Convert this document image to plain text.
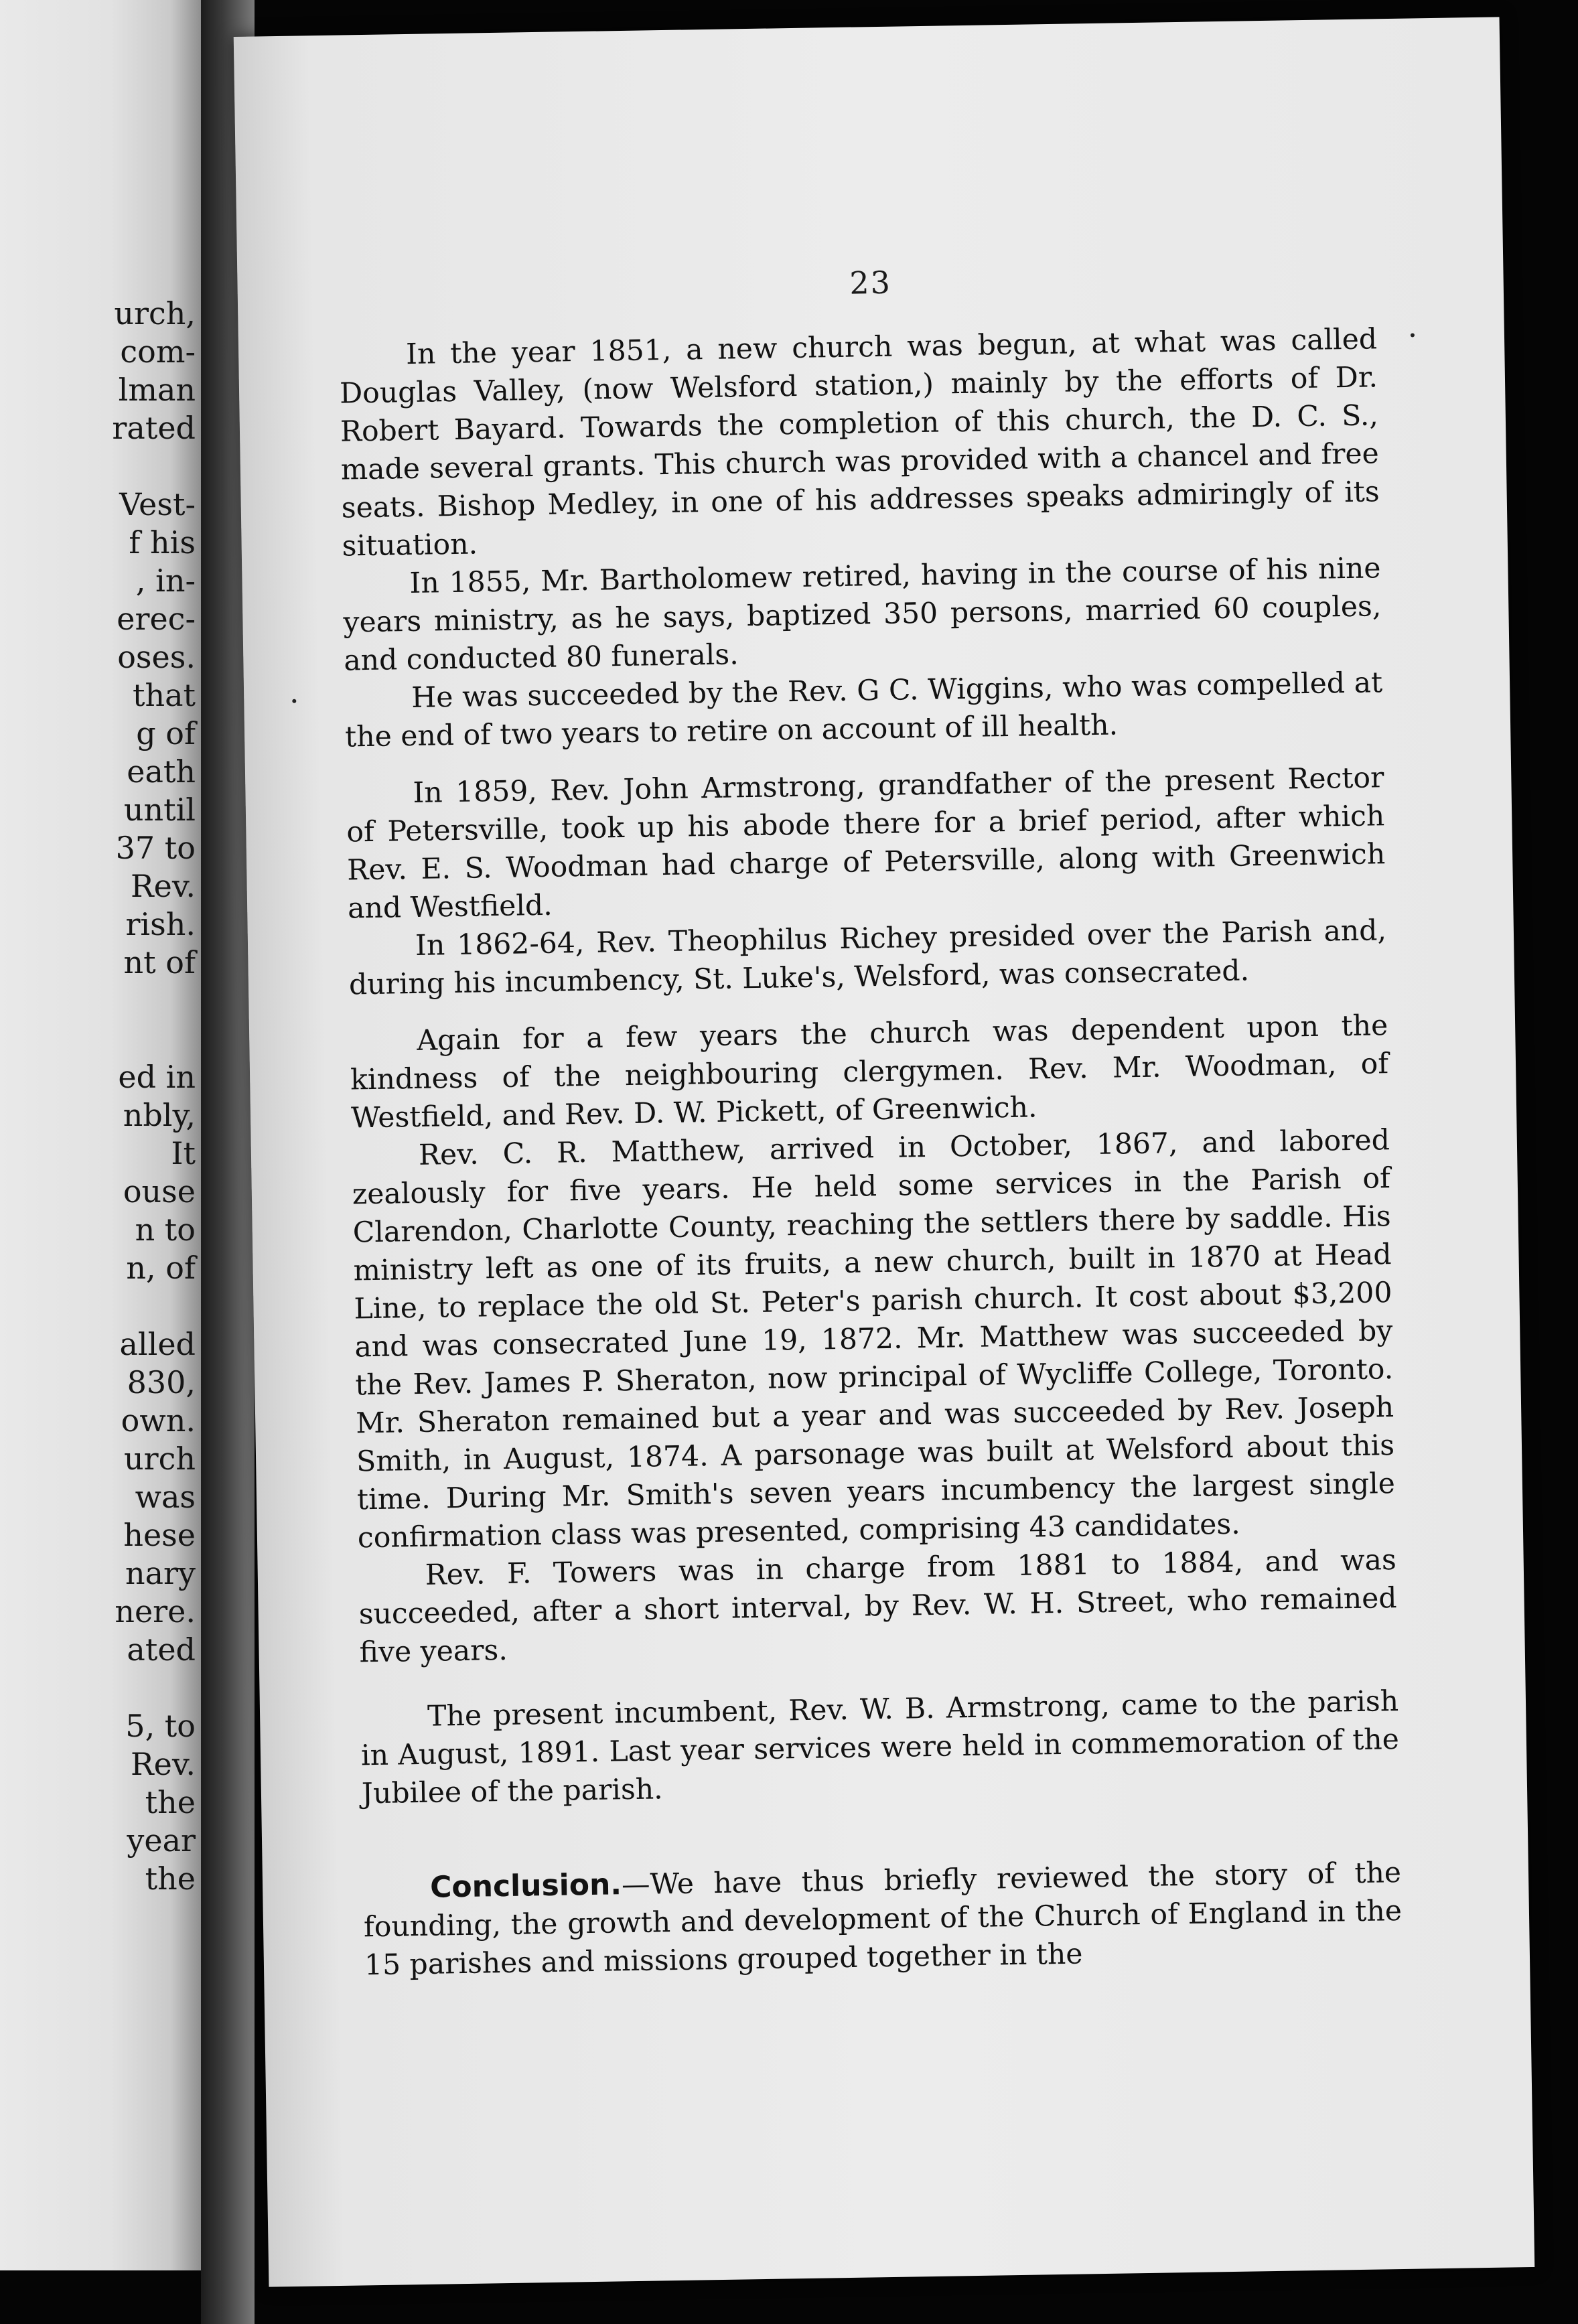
urch,
com-
lman
rated
Vest-
f his
, in-
erec-
oses.
that
g of
eath
until
37 to
Rev.
rish.
nt of
ed in
nbly,
It
ouse
n to
n, of
alled
830,
own.
urch
was
hese
nary
nere.
ated
5, to
Rev.
the
year
the
23

In the year 1851, a new church was begun, at what was called Douglas Valley, (now Welsford station,) mainly by the efforts of Dr. Robert Bayard. Towards the completion of this church, the D. C. S., made several grants. This church was provided with a chancel and free seats. Bishop Medley, in one of his addresses speaks admiringly of its situation.

In 1855, Mr. Bartholomew retired, having in the course of his nine years ministry, as he says, baptized 350 persons, married 60 couples, and conducted 80 funerals.

He was succeeded by the Rev. G C. Wiggins, who was compelled at the end of two years to retire on account of ill health.

In 1859, Rev. John Armstrong, grandfather of the present Rector of Petersville, took up his abode there for a brief period, after which Rev. E. S. Woodman had charge of Petersville, along with Greenwich and Westfield.

In 1862-64, Rev. Theophilus Richey presided over the Parish and, during his incumbency, St. Luke's, Welsford, was consecrated.

Again for a few years the church was dependent upon the kindness of the neighbouring clergymen. Rev. Mr. Woodman, of Westfield, and Rev. D. W. Pickett, of Greenwich.

Rev. C. R. Matthew, arrived in October, 1867, and labored zealously for five years. He held some services in the Parish of Clarendon, Charlotte County, reaching the settlers there by saddle. His ministry left as one of its fruits, a new church, built in 1870 at Head Line, to replace the old St. Peter's parish church. It cost about $3,200 and was consecrated June 19, 1872. Mr. Matthew was succeeded by the Rev. James P. Sheraton, now principal of Wycliffe College, Toronto. Mr. Sheraton remained but a year and was succeeded by Rev. Joseph Smith, in August, 1874. A parsonage was built at Welsford about this time. During Mr. Smith's seven years incumbency the largest single confirmation class was presented, comprising 43 candidates.

Rev. F. Towers was in charge from 1881 to 1884, and was succeeded, after a short interval, by Rev. W. H. Street, who remained five years.

The present incumbent, Rev. W. B. Armstrong, came to the parish in August, 1891. Last year services were held in commemoration of the Jubilee of the parish.

Conclusion.—We have thus briefly reviewed the story of the founding, the growth and development of the Church of England in the 15 parishes and missions grouped together in the
